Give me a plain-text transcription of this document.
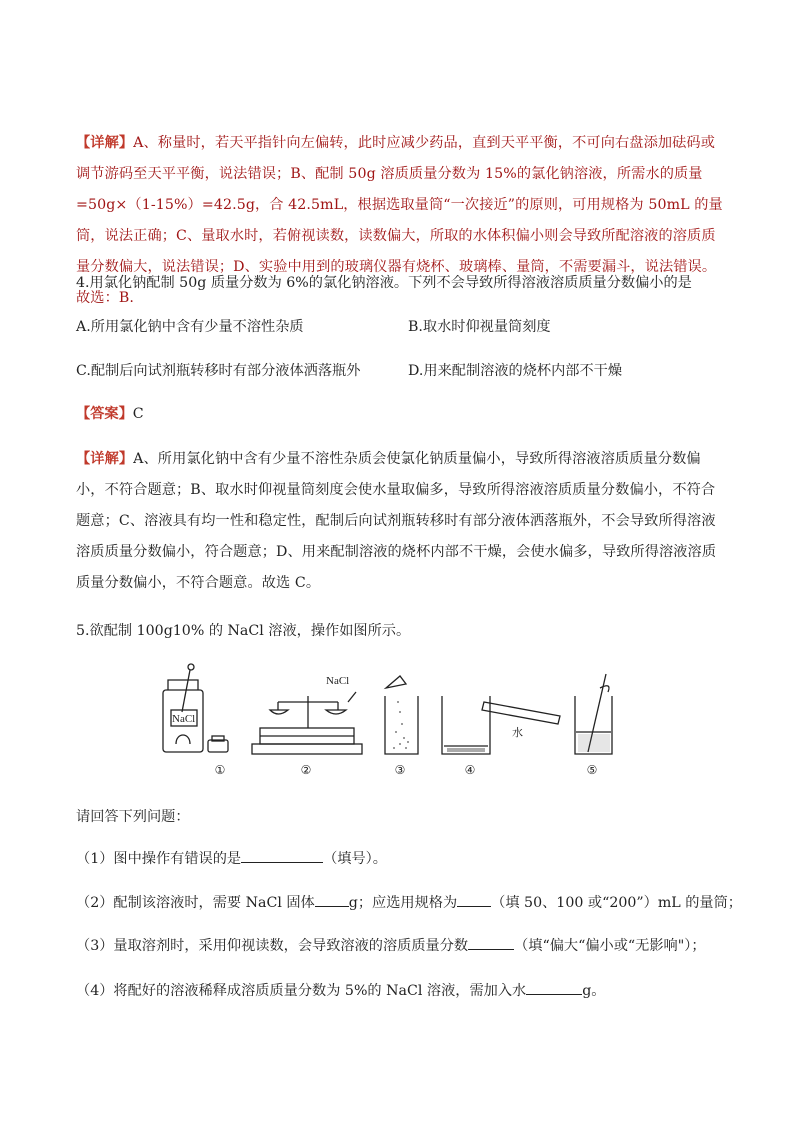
【详解】A、称量时，若天平指针向左偏转，此时应减少药品，直到天平平衡，不可向右盘添加砝码或调节游码至天平平衡，说法错误；B、配制 50g 溶质质量分数为 15%的氯化钠溶液，所需水的质量=50g×（1-15%）=42.5g，合 42.5mL，根据选取量筒“一次接近”的原则，可用规格为 50mL 的量筒，说法正确；C、量取水时，若俯视读数，读数偏大，所取的水体积偏小则会导致所配溶液的溶质质量分数偏大，说法错误；D、实验中用到的玻璃仪器有烧杯、玻璃棒、量筒，不需要漏斗，说法错误。故选：B.
4.用氯化钠配制 50g 质量分数为 6%的氯化钠溶液。下列不会导致所得溶液溶质质量分数偏小的是
A.所用氯化钠中含有少量不溶性杂质	B.取水时仰视量筒刻度
C.配制后向试剂瓶转移时有部分液体洒落瓶外	D.用来配制溶液的烧杯内部不干燥
【答案】C
【详解】A、所用氯化钠中含有少量不溶性杂质会使氯化钠质量偏小，导致所得溶液溶质质量分数偏小，不符合题意；B、取水时仰视量筒刻度会使水量取偏多，导致所得溶液溶质质量分数偏小，不符合题意；C、溶液具有均一性和稳定性，配制后向试剂瓶转移时有部分液体洒落瓶外，不会导致所得溶液溶质质量分数偏小，符合题意；D、用来配制溶液的烧杯内部不干燥，会使水偏多，导致所得溶液溶质质量分数偏小，不符合题意。故选 C。
5.欲配制 100g10% 的 NaCl 溶液，操作如图所示。
NaCl
NaCl
水
①	②	③	④	⑤
请回答下列问题：
（1）图中操作有错误的是	（填号）。
（2）配制该溶液时，需要 NaCl 固体 g；应选用规格为 （填 50、100 或“200”）mL 的量筒；
（3）量取溶剂时，采用仰视读数，会导致溶液的溶质质量分数	（填“偏大“偏小或“无影响"）；
（4）将配好的溶液稀释成溶质质量分数为 5%的 NaCl 溶液，需加入水	g。
